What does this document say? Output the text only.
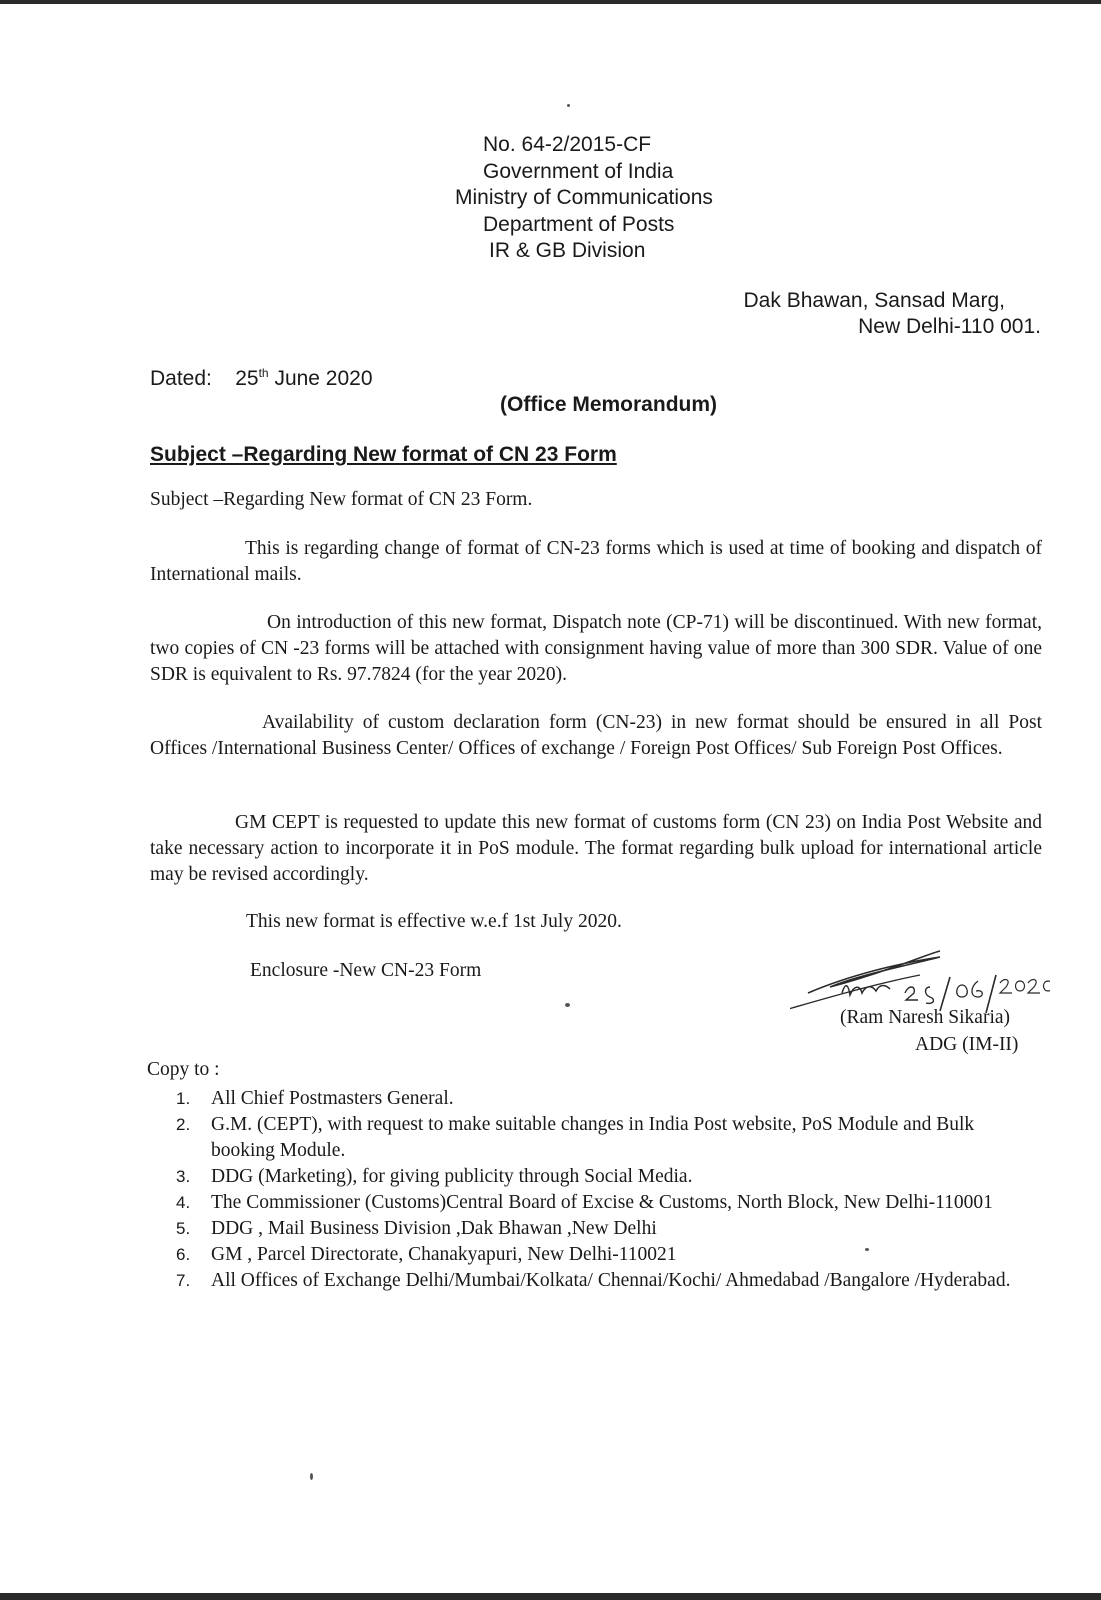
No. 64-2/2015-CF
Government of India
Ministry of Communications
Department of Posts
IR & GB Division
Dak Bhawan, Sansad Marg,
New Delhi-110 001.
Dated: 25th June 2020
(Office Memorandum)
Subject –Regarding New format of CN 23 Form
Subject –Regarding New format of CN 23 Form.
This is regarding change of format of CN-23 forms which is used at time of booking and dispatch of International mails.
On introduction of this new format, Dispatch note (CP-71) will be discontinued. With new format, two copies of CN -23 forms will be attached with consignment having value of more than 300 SDR. Value of one SDR is equivalent to Rs. 97.7824 (for the year 2020).
Availability of custom declaration form (CN-23) in new format should be ensured in all Post Offices /International Business Center/ Offices of exchange / Foreign Post Offices/ Sub Foreign Post Offices.
GM CEPT is requested to update this new format of customs form (CN 23) on India Post Website and take necessary action to incorporate it in PoS module. The format regarding bulk upload for international article may be revised accordingly.
This new format is effective w.e.f 1st July 2020.
Enclosure -New CN-23 Form
(Ram Naresh Sikaria)
ADG (IM-II)
Copy to :
1.	All Chief Postmasters General.
2.	G.M. (CEPT), with request to make suitable changes in India Post website, PoS Module and Bulk booking Module.
3.	DDG (Marketing), for giving publicity through Social Media.
4.	The Commissioner (Customs)Central Board of Excise & Customs, North Block, New Delhi-110001
5.	DDG , Mail Business Division ,Dak Bhawan ,New Delhi
6.	GM , Parcel Directorate, Chanakyapuri, New Delhi-110021
7.	All Offices of Exchange Delhi/Mumbai/Kolkata/ Chennai/Kochi/ Ahmedabad /Bangalore /Hyderabad.
